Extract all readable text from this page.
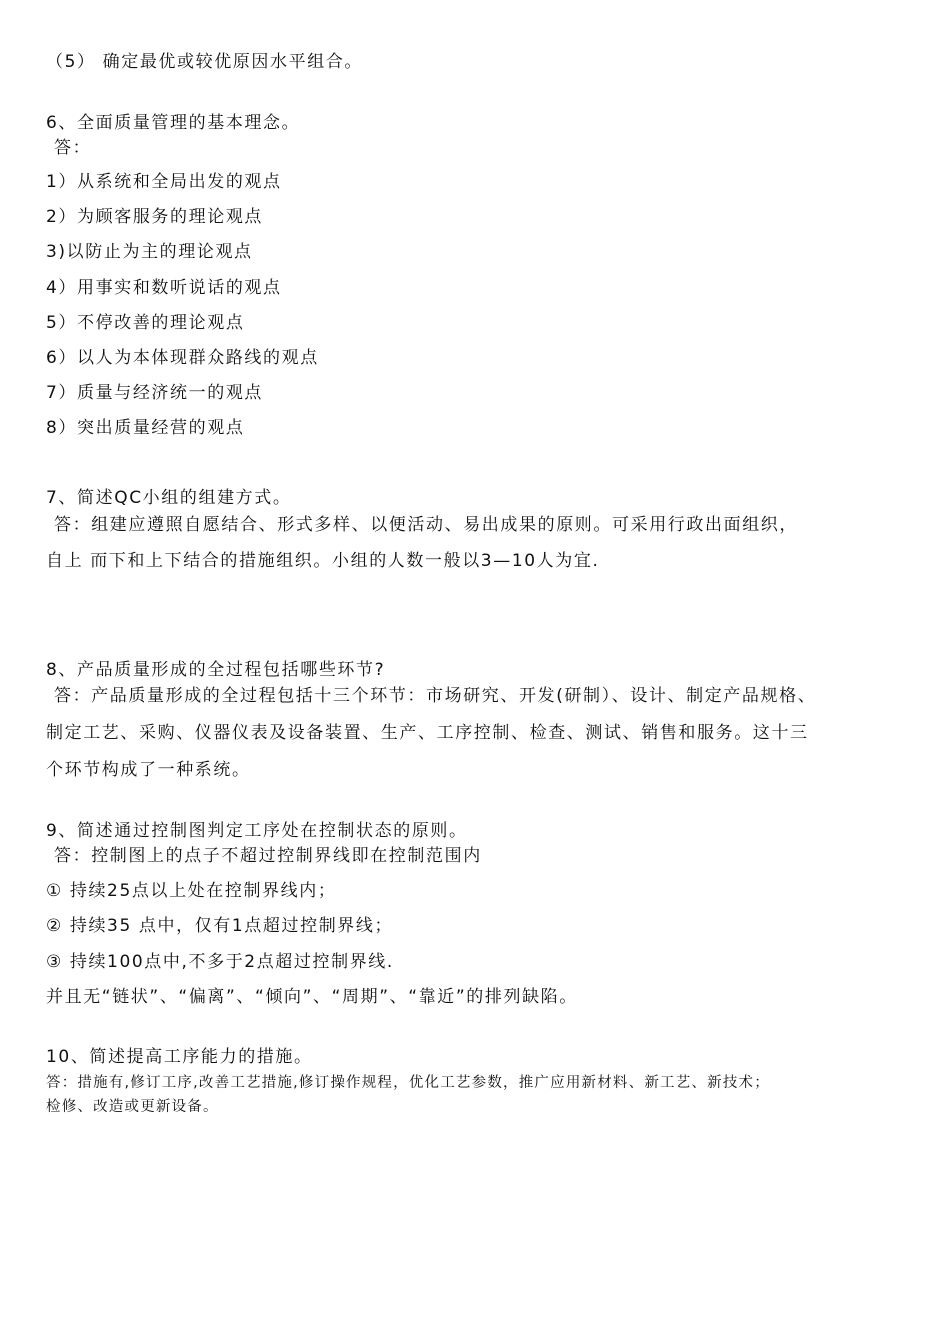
（5） 确定最优或较优原因水平组合。
6、全面质量管理的基本理念。
答：
1）从系统和全局出发的观点
2）为顾客服务的理论观点
3)以防止为主的理论观点
4）用事实和数听说话的观点
5）不停改善的理论观点
6）以人为本体现群众路线的观点
7）质量与经济统一的观点
8）突出质量经营的观点
7、简述QC小组的组建方式。
答：组建应遵照自愿结合、形式多样、以便活动、易出成果的原则。可采用行政出面组织，
自上 而下和上下结合的措施组织。小组的人数一般以3—10人为宜.
8、产品质量形成的全过程包括哪些环节?
答：产品质量形成的全过程包括十三个环节：市场研究、开发(研制）、设计、制定产品规格、
制定工艺、采购、仪器仪表及设备装置、生产、工序控制、检查、测试、销售和服务。这十三
个环节构成了一种系统。
9、简述通过控制图判定工序处在控制状态的原则。
答：控制图上的点子不超过控制界线即在控制范围内
① 持续25点以上处在控制界线内；
② 持续35 点中，仅有1点超过控制界线；
③ 持续100点中,不多于2点超过控制界线.
并且无“链状”、“偏离”、“倾向”、“周期”、“靠近”的排列缺陷。
10、简述提高工序能力的措施。
答：措施有,修订工序,改善工艺措施,修订操作规程，优化工艺参数，推广应用新材料、新工艺、新技术；
检修、改造或更新设备。
